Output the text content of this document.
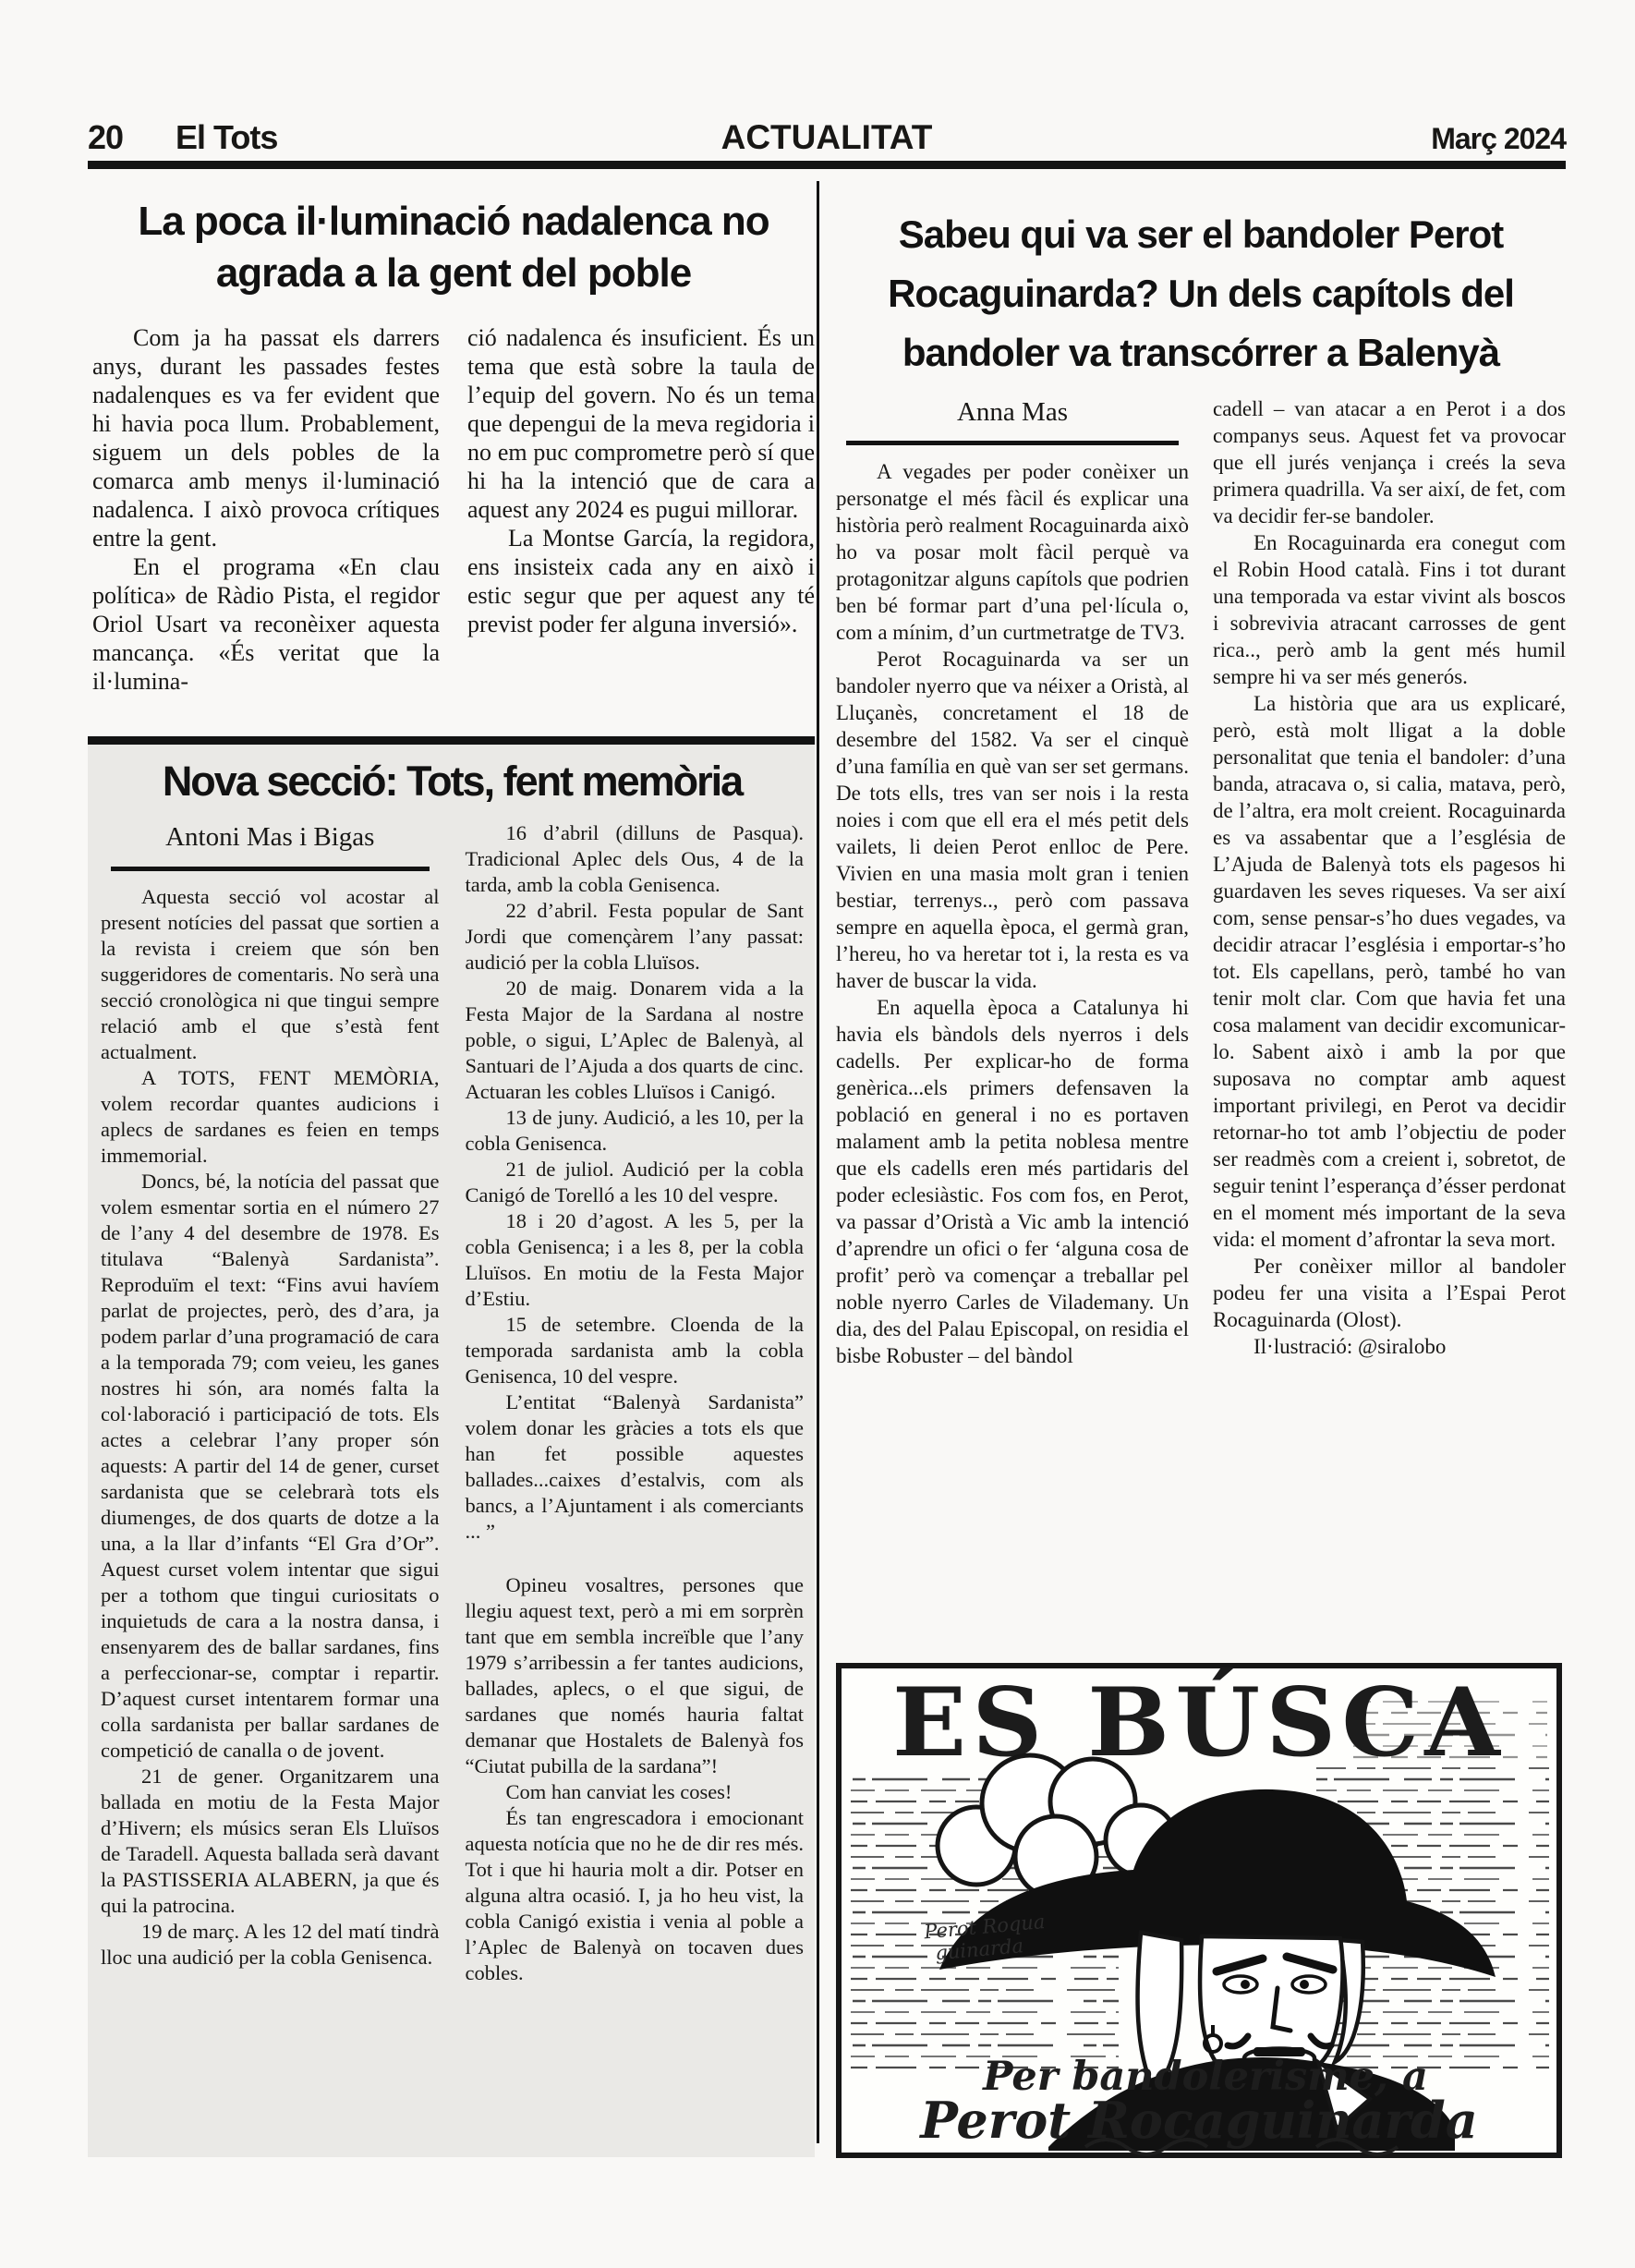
20 El Tots	ACTUALITAT	Març 2024
La poca il·luminació nadalenca no agrada a la gent del poble

Com ja ha passat els darrers anys, durant les passades festes nadalenques es va fer evident que hi havia poca llum. Probablement, siguem un dels pobles de la comarca amb menys il·luminació nadalenca. I això provoca crítiques entre la gent.

En el programa «En clau política» de Ràdio Pista, el regidor Oriol Usart va reconèixer aquesta mancança. «És veritat que la il·lumina-

ció nadalenca és insuficient. És un tema que està sobre la taula de l’equip del govern. No és un tema que depengui de la meva regidoria i no em puc comprometre però sí que hi ha la intenció que de cara a aquest any 2024 es pugui millorar.

La Montse García, la regidora, ens insisteix cada any en això i estic segur que per aquest any té previst poder fer alguna inversió».

Nova secció: Tots, fent memòria
Antoni Mas i Bigas

Aquesta secció vol acostar al present notícies del passat que sortien a la revista i creiem que són ben suggeridores de comentaris. No serà una secció cronològica ni que tingui sempre relació amb el que s’està fent actualment.

A TOTS, FENT MEMÒRIA, volem recordar quantes audicions i aplecs de sardanes es feien en temps immemorial.

Doncs, bé, la notícia del passat que volem esmentar sortia en el número 27 de l’any 4 del desembre de 1978. Es titulava “Balenyà Sardanista”. Reproduïm el text: “Fins avui havíem parlat de projectes, però, des d’ara, ja podem parlar d’una programació de cara a la temporada 79; com veieu, les ganes nostres hi són, ara només falta la col·laboració i participació de tots. Els actes a celebrar l’any proper són aquests: A partir del 14 de gener, curset sardanista que se celebrarà tots els diumenges, de dos quarts de dotze a la una, a la llar d’infants “El Gra d’Or”. Aquest curset volem intentar que sigui per a tothom que tingui curiositats o inquietuds de cara a la nostra dansa, i ensenyarem des de ballar sardanes, fins a perfeccionar-se, comptar i repartir. D’aquest curset intentarem formar una colla sardanista per ballar sardanes de competició de canalla o de jovent.

21 de gener. Organitzarem una ballada en motiu de la Festa Major d’Hivern; els músics seran Els Lluïsos de Taradell. Aquesta ballada serà davant la PASTISSERIA ALABERN, ja que és qui la patrocina.

19 de març. A les 12 del matí tindrà lloc una audició per la cobla Genisenca.

16 d’abril (dilluns de Pasqua). Tradicional Aplec dels Ous, 4 de la tarda, amb la cobla Genisenca.

22 d’abril. Festa popular de Sant Jordi que començàrem l’any passat: audició per la cobla Lluïsos.

20 de maig. Donarem vida a la Festa Major de la Sardana al nostre poble, o sigui, L’Aplec de Balenyà, al Santuari de l’Ajuda a dos quarts de cinc. Actuaran les cobles Lluïsos i Canigó.

13 de juny. Audició, a les 10, per la cobla Genisenca.

21 de juliol. Audició per la cobla Canigó de Torelló a les 10 del vespre.

18 i 20 d’agost. A les 5, per la cobla Genisenca; i a les 8, per la cobla Lluïsos. En motiu de la Festa Major d’Estiu.

15 de setembre. Cloenda de la temporada sardanista amb la cobla Genisenca, 10 del vespre.

L’entitat “Balenyà Sardanista” volem donar les gràcies a tots els que han fet possible aquestes ballades...caixes d’estalvis, com als bancs, a l’Ajuntament i als comerciants ... ”

Opineu vosaltres, persones que llegiu aquest text, però a mi em sorprèn tant que em sembla increïble que l’any 1979 s’arribessin a fer tantes audicions, ballades, aplecs, o el que sigui, de sardanes que només hauria faltat demanar que Hostalets de Balenyà fos “Ciutat pubilla de la sardana”!

Com han canviat les coses!

És tan engrescadora i emocionant aquesta notícia que no he de dir res més. Tot i que hi hauria molt a dir. Potser en alguna altra ocasió. I, ja ho heu vist, la cobla Canigó existia i venia al poble a l’Aplec de Balenyà on tocaven dues cobles.

Sabeu qui va ser el bandoler Perot Rocaguinarda? Un dels capítols del bandoler va transcórrer a Balenyà
Anna Mas

A vegades per poder conèixer un personatge el més fàcil és explicar una història però realment Rocaguinarda això ho va posar molt fàcil perquè va protagonitzar alguns capítols que podrien ben bé formar part d’una pel·lícula o, com a mínim, d’un curtmetratge de TV3.

Perot Rocaguinarda va ser un bandoler nyerro que va néixer a Oristà, al Lluçanès, concretament el 18 de desembre del 1582. Va ser el cinquè d’una família en què van ser set germans. De tots ells, tres van ser nois i la resta noies i com que ell era el més petit dels vailets, li deien Perot enlloc de Pere. Vivien en una masia molt gran i tenien bestiar, terrenys.., però com passava sempre en aquella època, el germà gran, l’hereu, ho va heretar tot i, la resta es va haver de buscar la vida.

En aquella època a Catalunya hi havia els bàndols dels nyerros i dels cadells. Per explicar-ho de forma genèrica...els primers defensaven la població en general i no es portaven malament amb la petita noblesa mentre que els cadells eren més partidaris del poder eclesiàstic. Fos com fos, en Perot, va passar d’Oristà a Vic amb la intenció d’aprendre un ofici o fer ‘alguna cosa de profit’ però va començar a treballar pel noble nyerro Carles de Vilademany. Un dia, des del Palau Episcopal, on residia el bisbe Robuster – del bàndol

cadell – van atacar a en Perot i a dos companys seus. Aquest fet va provocar que ell jurés venjança i creés la seva primera quadrilla. Va ser així, de fet, com va decidir fer-se bandoler.

En Rocaguinarda era conegut com el Robin Hood català. Fins i tot durant una temporada va estar vivint als boscos i sobrevivia atracant carrosses de gent rica.., però amb la gent més humil sempre hi va ser més generós.

La història que ara us explicaré, però, està molt lligat a la doble personalitat que tenia el bandoler: d’una banda, atracava o, si calia, matava, però, de l’altra, era molt creient. Rocaguinarda es va assabentar que a l’església de L’Ajuda de Balenyà tots els pagesos hi guardaven les seves riqueses. Va ser així com, sense pensar-s’ho dues vegades, va decidir atracar l’església i emportar-s’ho tot. Els capellans, però, també ho van tenir molt clar. Com que havia fet una cosa malament van decidir excomunicar-lo. Sabent això i amb la por que suposava no comptar amb aquest important privilegi, en Perot va decidir retornar-ho tot amb l’objectiu de poder ser readmès com a creient i, sobretot, de seguir tenint l’esperança d’ésser perdonat en el moment més important de la seva vida: el moment d’afrontar la seva mort.

Per conèixer millor al bandoler podeu fer una visita a l’Espai Perot Rocaguinarda (Olost).

Il·lustració: @siralobo

ES BÚSCA
Perot Roqua
guinarda
Per bandolerisme, a
Perot Rocaguinarda
